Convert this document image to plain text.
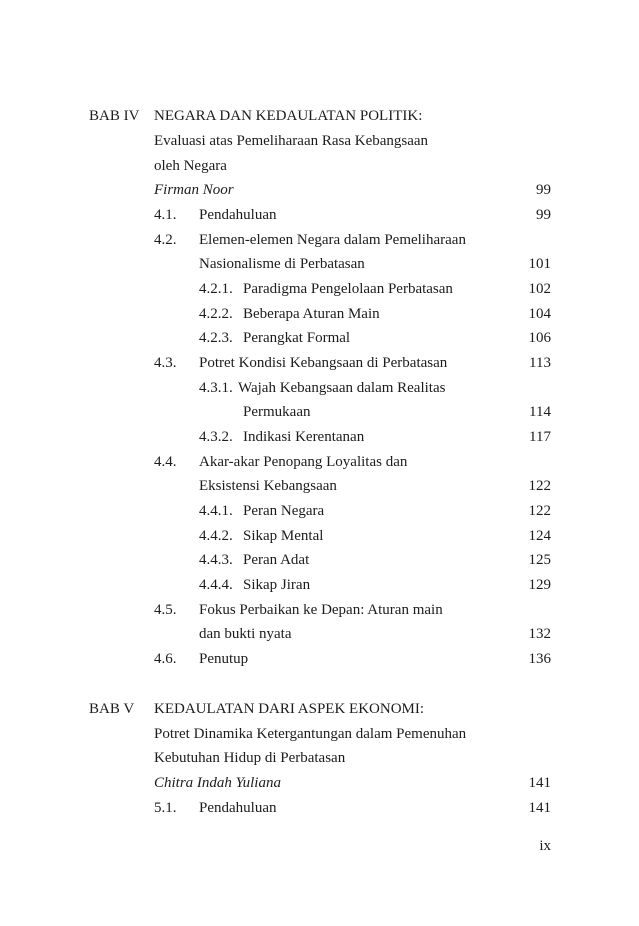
BAB IV NEGARA DAN KEDAULATAN POLITIK:
Evaluasi atas Pemeliharaan Rasa Kebangsaan
oleh Negara
Firman Noor	99
4.1. Pendahuluan	99
4.2. Elemen-elemen Negara dalam Pemeliharaan
Nasionalisme di Perbatasan	101
4.2.1. Paradigma Pengelolaan Perbatasan	102
4.2.2. Beberapa Aturan Main	104
4.2.3. Perangkat Formal	106
4.3. Potret Kondisi Kebangsaan di Perbatasan	113
4.3.1. Wajah Kebangsaan dalam Realitas
Permukaan	114
4.3.2. Indikasi Kerentanan	117
4.4. Akar-akar Penopang Loyalitas dan
Eksistensi Kebangsaan	122
4.4.1. Peran Negara	122
4.4.2. Sikap Mental	124
4.4.3. Peran Adat	125
4.4.4. Sikap Jiran	129
4.5. Fokus Perbaikan ke Depan: Aturan main
dan bukti nyata	132
4.6. Penutup	136
BAB V KEDAULATAN DARI ASPEK EKONOMI:
Potret Dinamika Ketergantungan dalam Pemenuhan
Kebutuhan Hidup di Perbatasan
Chitra Indah Yuliana	141
5.1. Pendahuluan	141
ix
